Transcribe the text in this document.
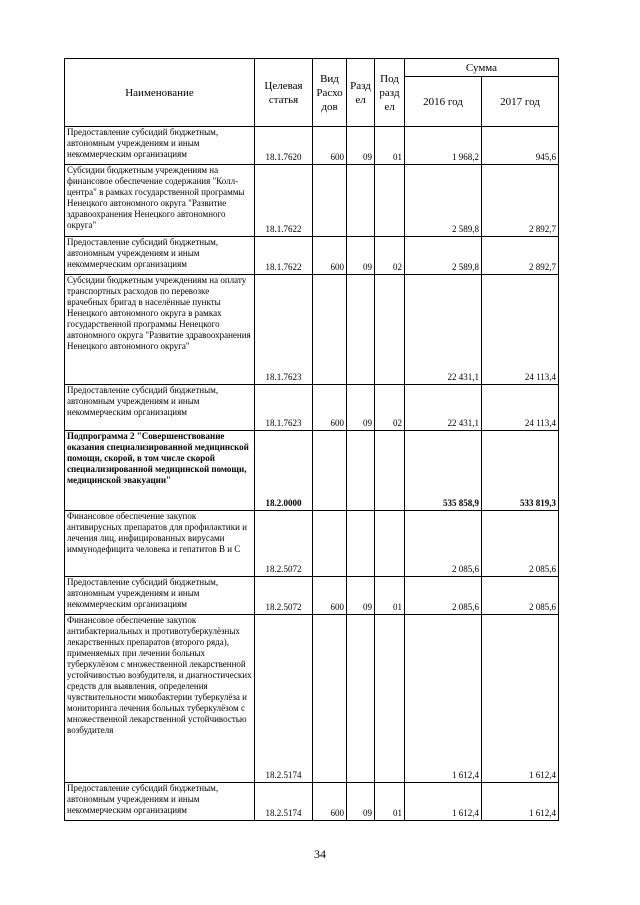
Наименование	Целевая статья	Вид Расхо дов	Разд ел	Под разд ел	Сумма	
					2016 год	2017 год
Предоставление субсидий бюджетным, автономным учреждениям и иным некоммерческим организациям	18.1.7620	600	09	01	1 968,2	945,6
Субсидии бюджетным учреждениям на финансовое обеспечение содержания "Колл-центра" в рамках государственной программы Ненецкого автономного округа "Развитие здравоохранения Ненецкого автономного округа"	18.1.7622				2 589,8	2 892,7
Предоставление субсидий бюджетным, автономным учреждениям и иным некоммерческим организациям	18.1.7622	600	09	02	2 589,8	2 892,7
Субсидии бюджетным учреждениям на оплату транспортных расходов по перевозке врачебных бригад в населённые пункты Ненецкого автономного округа в рамках государственной программы Ненецкого автономного округа "Развитие здравоохранения Ненецкого автономного округа"	18.1.7623				22 431,1	24 113,4
Предоставление субсидий бюджетным, автономным учреждениям и иным некоммерческим организациям	18.1.7623	600	09	02	22 431,1	24 113,4
Подпрограмма 2 "Совершенствование оказания специализированной медицинской помощи, скорой, в том числе скорой специализированной медицинской помощи, медицинской эвакуации"	18.2.0000				535 858,9	533 819,3
Финансовое обеспечение закупок антивирусных препаратов для профилактики и лечения лиц, инфицированных вирусами иммунодефицита человека и гепатитов В и С	18.2.5072				2 085,6	2 085,6
Предоставление субсидий бюджетным, автономным учреждениям и иным некоммерческим организациям	18.2.5072	600	09	01	2 085,6	2 085,6
Финансовое обеспечение закупок антибактериальных и противотуберкулёзных лекарственных препаратов (второго ряда), применяемых при лечении больных туберкулёзом с множественной лекарственной устойчивостью возбудителя, и диагностических средств для выявления, определения чувствительности микобактерии туберкулёза и мониторинга лечения больных туберкулёзом с множественной лекарственной устойчивостью возбудителя	18.2.5174				1 612,4	1 612,4
Предоставление субсидий бюджетным, автономным учреждениям и иным некоммерческим организациям	18.2.5174	600	09	01	1 612,4	1 612,4
34
